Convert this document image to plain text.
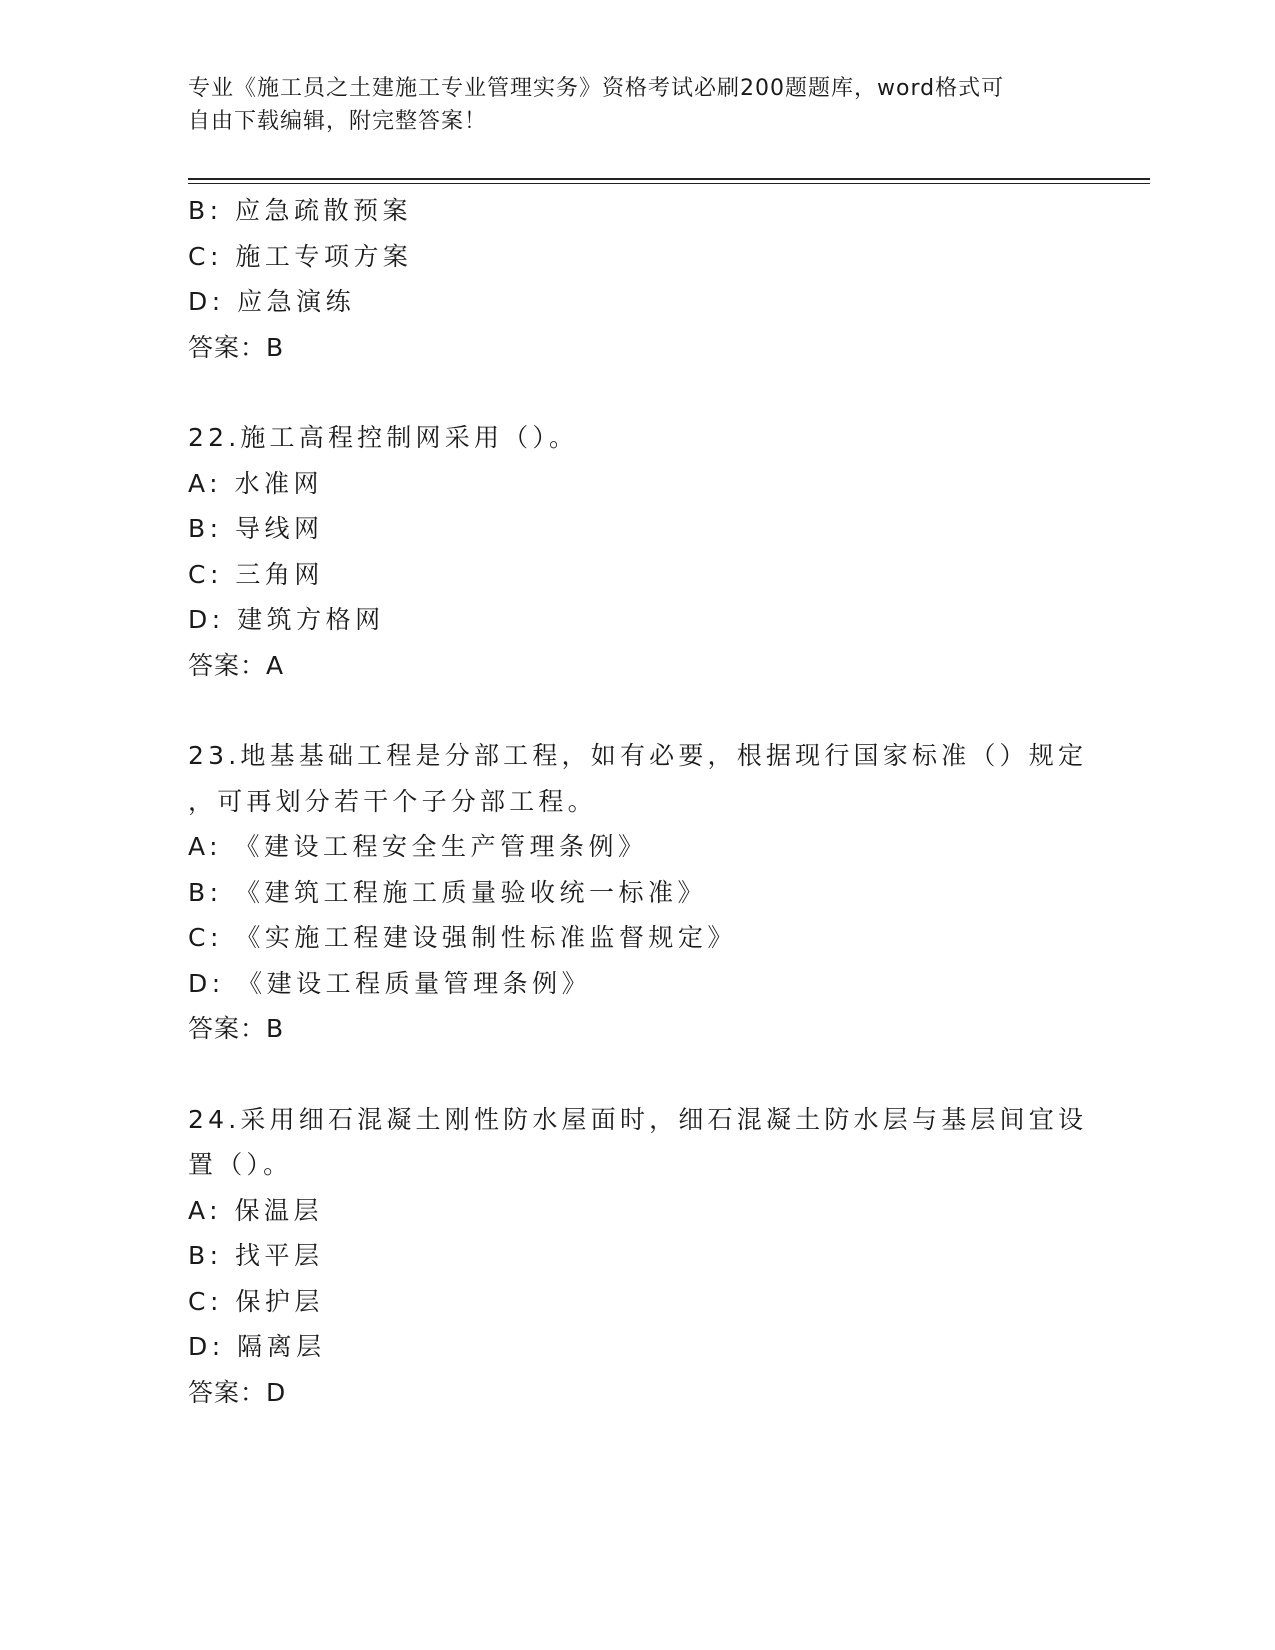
专业《施工员之土建施工专业管理实务》资格考试必刷200题题库，word格式可
自由下载编辑，附完整答案！
B: 应急疏散预案
C: 施工专项方案
D: 应急演练
答案：B
22.施工高程控制网采用（）。
A: 水准网
B: 导线网
C: 三角网
D: 建筑方格网
答案：A
23.地基基础工程是分部工程，如有必要，根据现行国家标准（）规定
，可再划分若干个子分部工程。
A: 《建设工程安全生产管理条例》
B: 《建筑工程施工质量验收统一标准》
C: 《实施工程建设强制性标准监督规定》
D: 《建设工程质量管理条例》
答案：B
24.采用细石混凝土刚性防水屋面时，细石混凝土防水层与基层间宜设
置（）。
A: 保温层
B: 找平层
C: 保护层
D: 隔离层
答案：D
